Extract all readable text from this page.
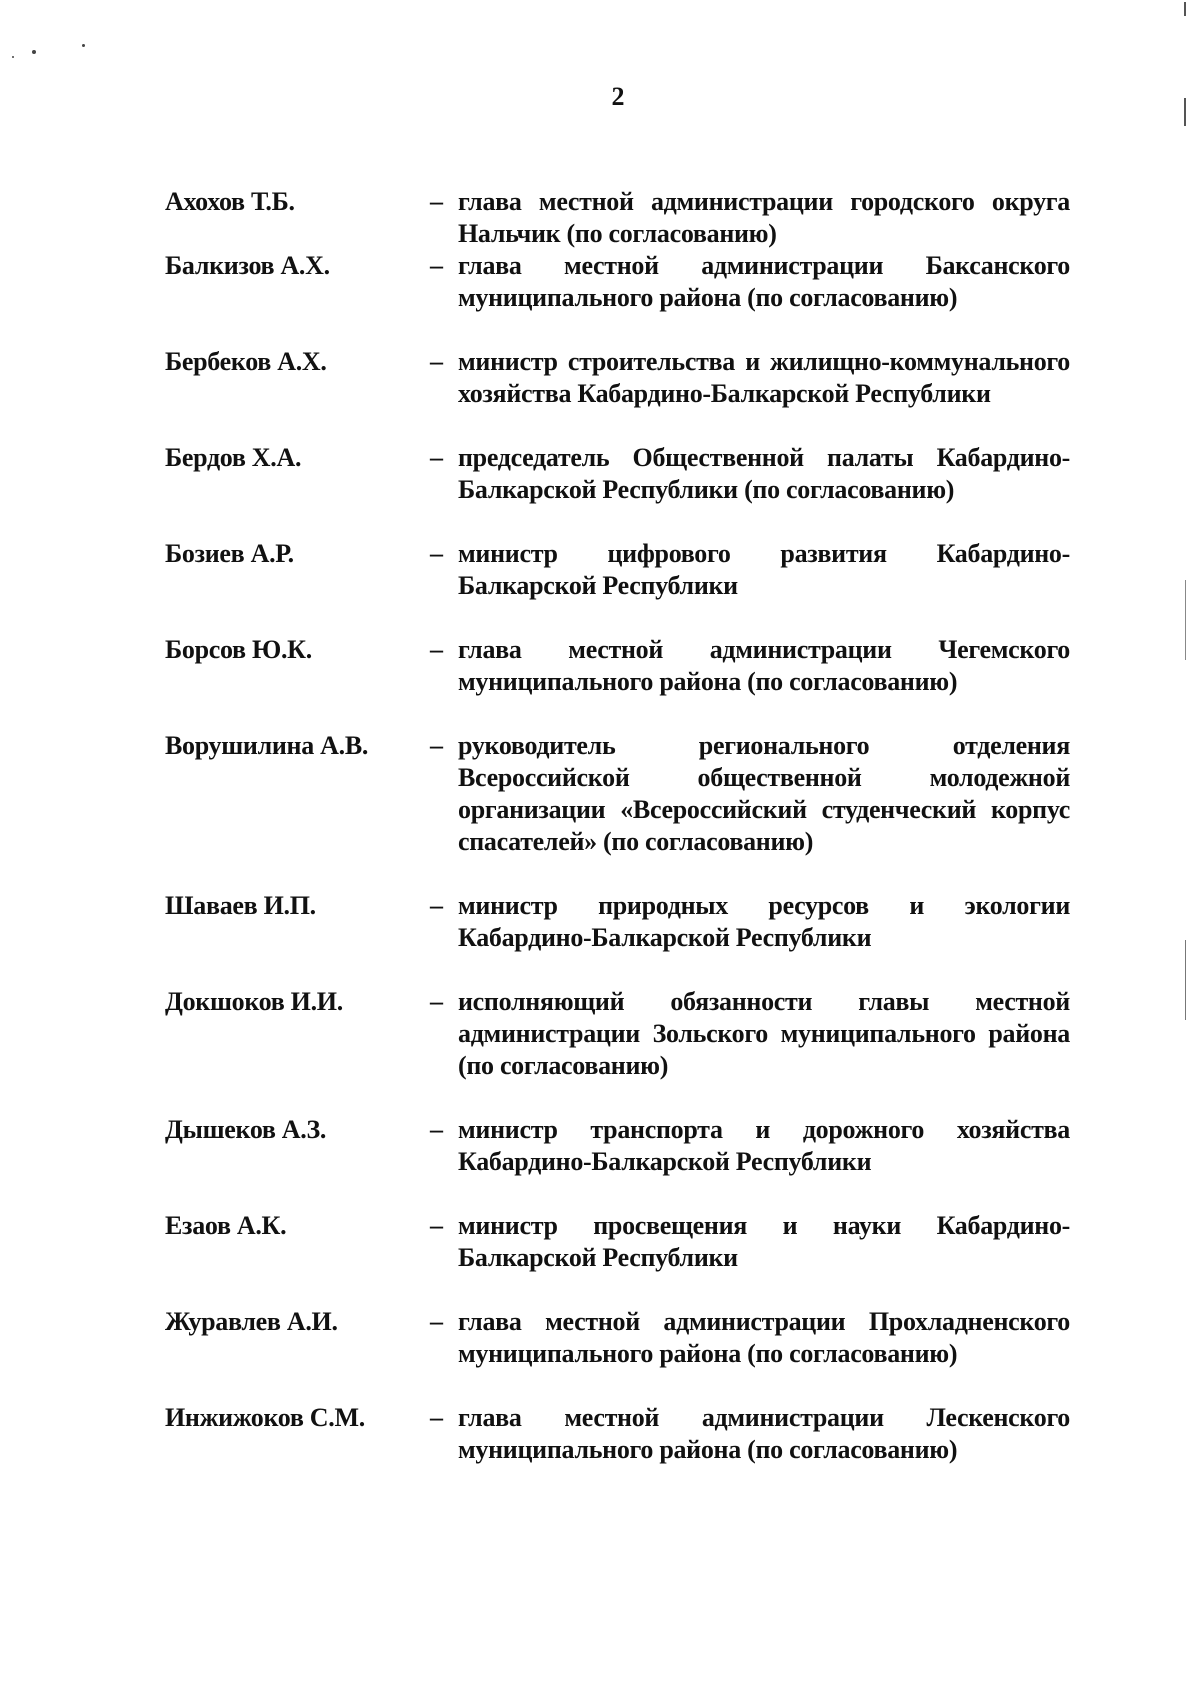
2
Ахохов Т.Б.	– глава местной администрации городского округа Нальчик (по согласованию)
Балкизов А.Х.	– глава местной администрации Баксанского муниципального района (по согласованию)
Бербеков А.Х.	– министр строительства и жилищно-коммунального хозяйства Кабардино-Балкарской Республики
Бердов Х.А.	– председатель Общественной палаты Кабардино-Балкарской Республики (по согласованию)
Бозиев А.Р.	– министр цифрового развития Кабардино-Балкарской Республики
Борсов Ю.К.	– глава местной администрации Чегемского муниципального района (по согласованию)
Ворушилина А.В.	– руководитель регионального отделения Всероссийской общественной молодежной организации «Всероссийский студенческий корпус спасателей» (по согласованию)
Шаваев И.П.	– министр природных ресурсов и экологии Кабардино-Балкарской Республики
Докшоков И.И.	– исполняющий обязанности главы местной администрации Зольского муниципального района (по согласованию)
Дышеков А.З.	– министр транспорта и дорожного хозяйства Кабардино-Балкарской Республики
Езаов А.К.	– министр просвещения и науки Кабардино-Балкарской Республики
Журавлев А.И.	– глава местной администрации Прохладненского муниципального района (по согласованию)
Инжижоков С.М.	– глава местной администрации Лескенского муниципального района (по согласованию)
